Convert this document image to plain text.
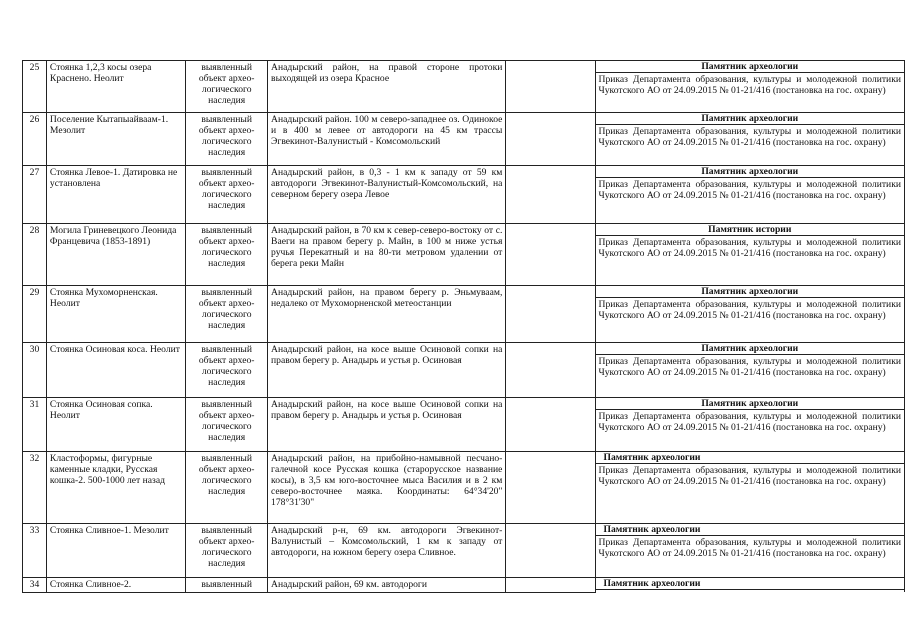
25	Стоянка 1,2,3 косы озера Краснено. Неолит	выявленный объект архео-логического наследия	Анадырский район, на правой стороне протоки выходящей из озера Красное		Памятник археологии
Приказ Департамента образования, культуры и молодежной политики Чукотского АО от 24.09.2015 № 01-21/416 (постановка на гос. охрану)

26	Поселение Кытапыайваам-1. Мезолит	выявленный объект архео-логического наследия	Анадырский район. 100 м северо-западнее оз. Одинокое и в 400 м левее от автодороги на 45 км трассы Эгвекинот-Валунистый - Комсомольский		Памятник археологии
Приказ Департамента образования, культуры и молодежной политики Чукотского АО от 24.09.2015 № 01-21/416 (постановка на гос. охрану)

27	Стоянка Левое-1. Датировка не установлена	выявленный объект архео-логического наследия	Анадырский район, в 0,3 - 1 км к западу от 59 км автодороги Эгвекинот-Валунистый-Комсомольский, на северном берегу озера Левое		Памятник археологии
Приказ Департамента образования, культуры и молодежной политики Чукотского АО от 24.09.2015 № 01-21/416 (постановка на гос. охрану)

28	Могила Гриневецкого Леонида Францевича (1853-1891)	выявленный объект архео-логического наследия	Анадырский район, в 70 км к север-северо-востоку от с. Ваеги на правом берегу р. Майн, в 100 м ниже устья ручья Перекатный и на 80-ти метровом удалении от берега реки Майн		Памятник истории
Приказ Департамента образования, культуры и молодежной политики Чукотского АО от 24.09.2015 № 01-21/416 (постановка на гос. охрану)

29	Стоянка Мухоморненская. Неолит	выявленный объект архео-логического наследия	Анадырский район, на правом берегу р. Эньмуваам, недалеко от Мухоморненской метеостанции		Памятник археологии
Приказ Департамента образования, культуры и молодежной политики Чукотского АО от 24.09.2015 № 01-21/416 (постановка на гос. охрану)

30	Стоянка Осиновая коса. Неолит	выявленный объект архео-логического наследия	Анадырский район, на косе выше Осиновой сопки на правом берегу р. Анадырь и устья р. Осиновая		Памятник археологии
Приказ Департамента образования, культуры и молодежной политики Чукотского АО от 24.09.2015 № 01-21/416 (постановка на гос. охрану)

31	Стоянка Осиновая сопка. Неолит	выявленный объект архео-логического наследия	Анадырский район, на косе выше Осиновой сопки на правом берегу р. Анадырь и устья р. Осиновая		Памятник археологии
Приказ Департамента образования, культуры и молодежной политики Чукотского АО от 24.09.2015 № 01-21/416 (постановка на гос. охрану)

32	Кластоформы, фигурные каменные кладки, Русская кошка-2. 500-1000 лет назад	выявленный объект архео-логического наследия	Анадырский район, на прибойно-намывной песчано-галечной косе Русская кошка (старорусское название косы), в 3,5 км юго-восточнее мыса Василия и в 2 км северо-восточнее маяка. Координаты: 64°34'20" 178°31'30"		Памятник археологии
Приказ Департамента образования, культуры и молодежной политики Чукотского АО от 24.09.2015 № 01-21/416 (постановка на гос. охрану)

33	Стоянка Сливное-1. Мезолит	выявленный объект архео-логического наследия	Анадырский р-н, 69 км. автодороги Эгвекинот-Валунистый – Комсомольский, 1 км к западу от автодороги, на южном берегу озера Сливное.		Памятник археологии
Приказ Департамента образования, культуры и молодежной политики Чукотского АО от 24.09.2015 № 01-21/416 (постановка на гос. охрану)

34	Стоянка Сливное-2.	выявленный	Анадырский район, 69 км. автодороги		Памятник археологии
